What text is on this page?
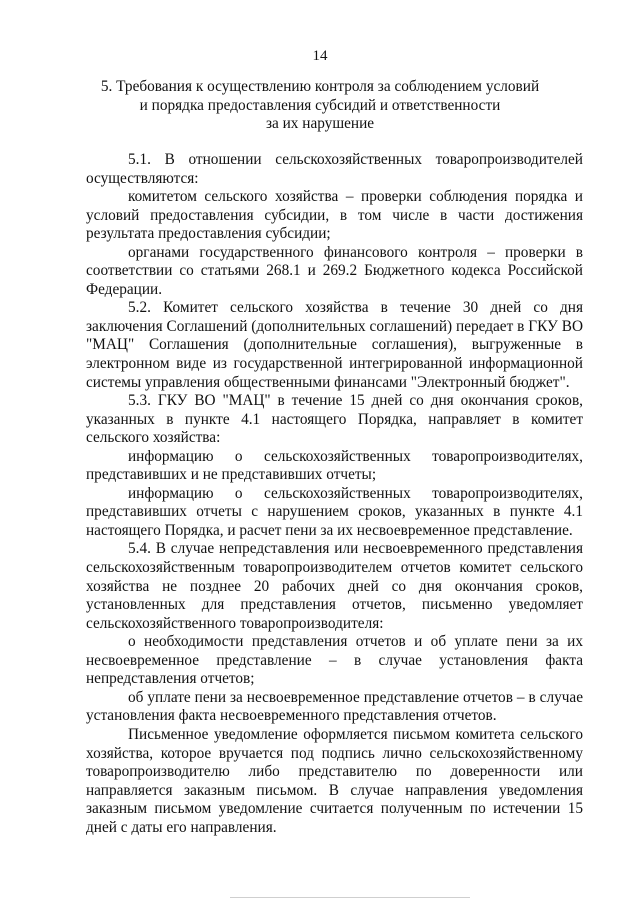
14
5. Требования к осуществлению контроля за соблюдением условий
и порядка предоставления субсидий и ответственности
за их нарушение

5.1. В отношении сельскохозяйственных товаропроизводителей осуществляются:

комитетом сельского хозяйства – проверки соблюдения порядка и условий предоставления субсидии, в том числе в части достижения результата предоставления субсидии;

органами государственного финансового контроля – проверки в соответствии со статьями 268.1 и 269.2 Бюджетного кодекса Российской Федерации.

5.2. Комитет сельского хозяйства в течение 30 дней со дня заключения Соглашений (дополнительных соглашений) передает в ГКУ ВО "МАЦ" Соглашения (дополнительные соглашения), выгруженные в электронном виде из государственной интегрированной информационной системы управления общественными финансами "Электронный бюджет".

5.3. ГКУ ВО "МАЦ" в течение 15 дней со дня окончания сроков, указанных в пункте 4.1 настоящего Порядка, направляет в комитет сельского хозяйства:

информацию о сельскохозяйственных товаропроизводителях, представивших и не представивших отчеты;

информацию о сельскохозяйственных товаропроизводителях, представивших отчеты с нарушением сроков, указанных в пункте 4.1 настоящего Порядка, и расчет пени за их несвоевременное представление.

5.4. В случае непредставления или несвоевременного представления сельскохозяйственным товаропроизводителем отчетов комитет сельского хозяйства не позднее 20 рабочих дней со дня окончания сроков, установленных для представления отчетов, письменно уведомляет сельскохозяйственного товаропроизводителя:

о необходимости представления отчетов и об уплате пени за их несвоевременное представление – в случае установления факта непредставления отчетов;

об уплате пени за несвоевременное представление отчетов – в случае установления факта несвоевременного представления отчетов.

Письменное уведомление оформляется письмом комитета сельского хозяйства, которое вручается под подпись лично сельскохозяйственному товаропроизводителю либо представителю по доверенности или направляется заказным письмом. В случае направления уведомления заказным письмом уведомление считается полученным по истечении 15 дней с даты его направления.
